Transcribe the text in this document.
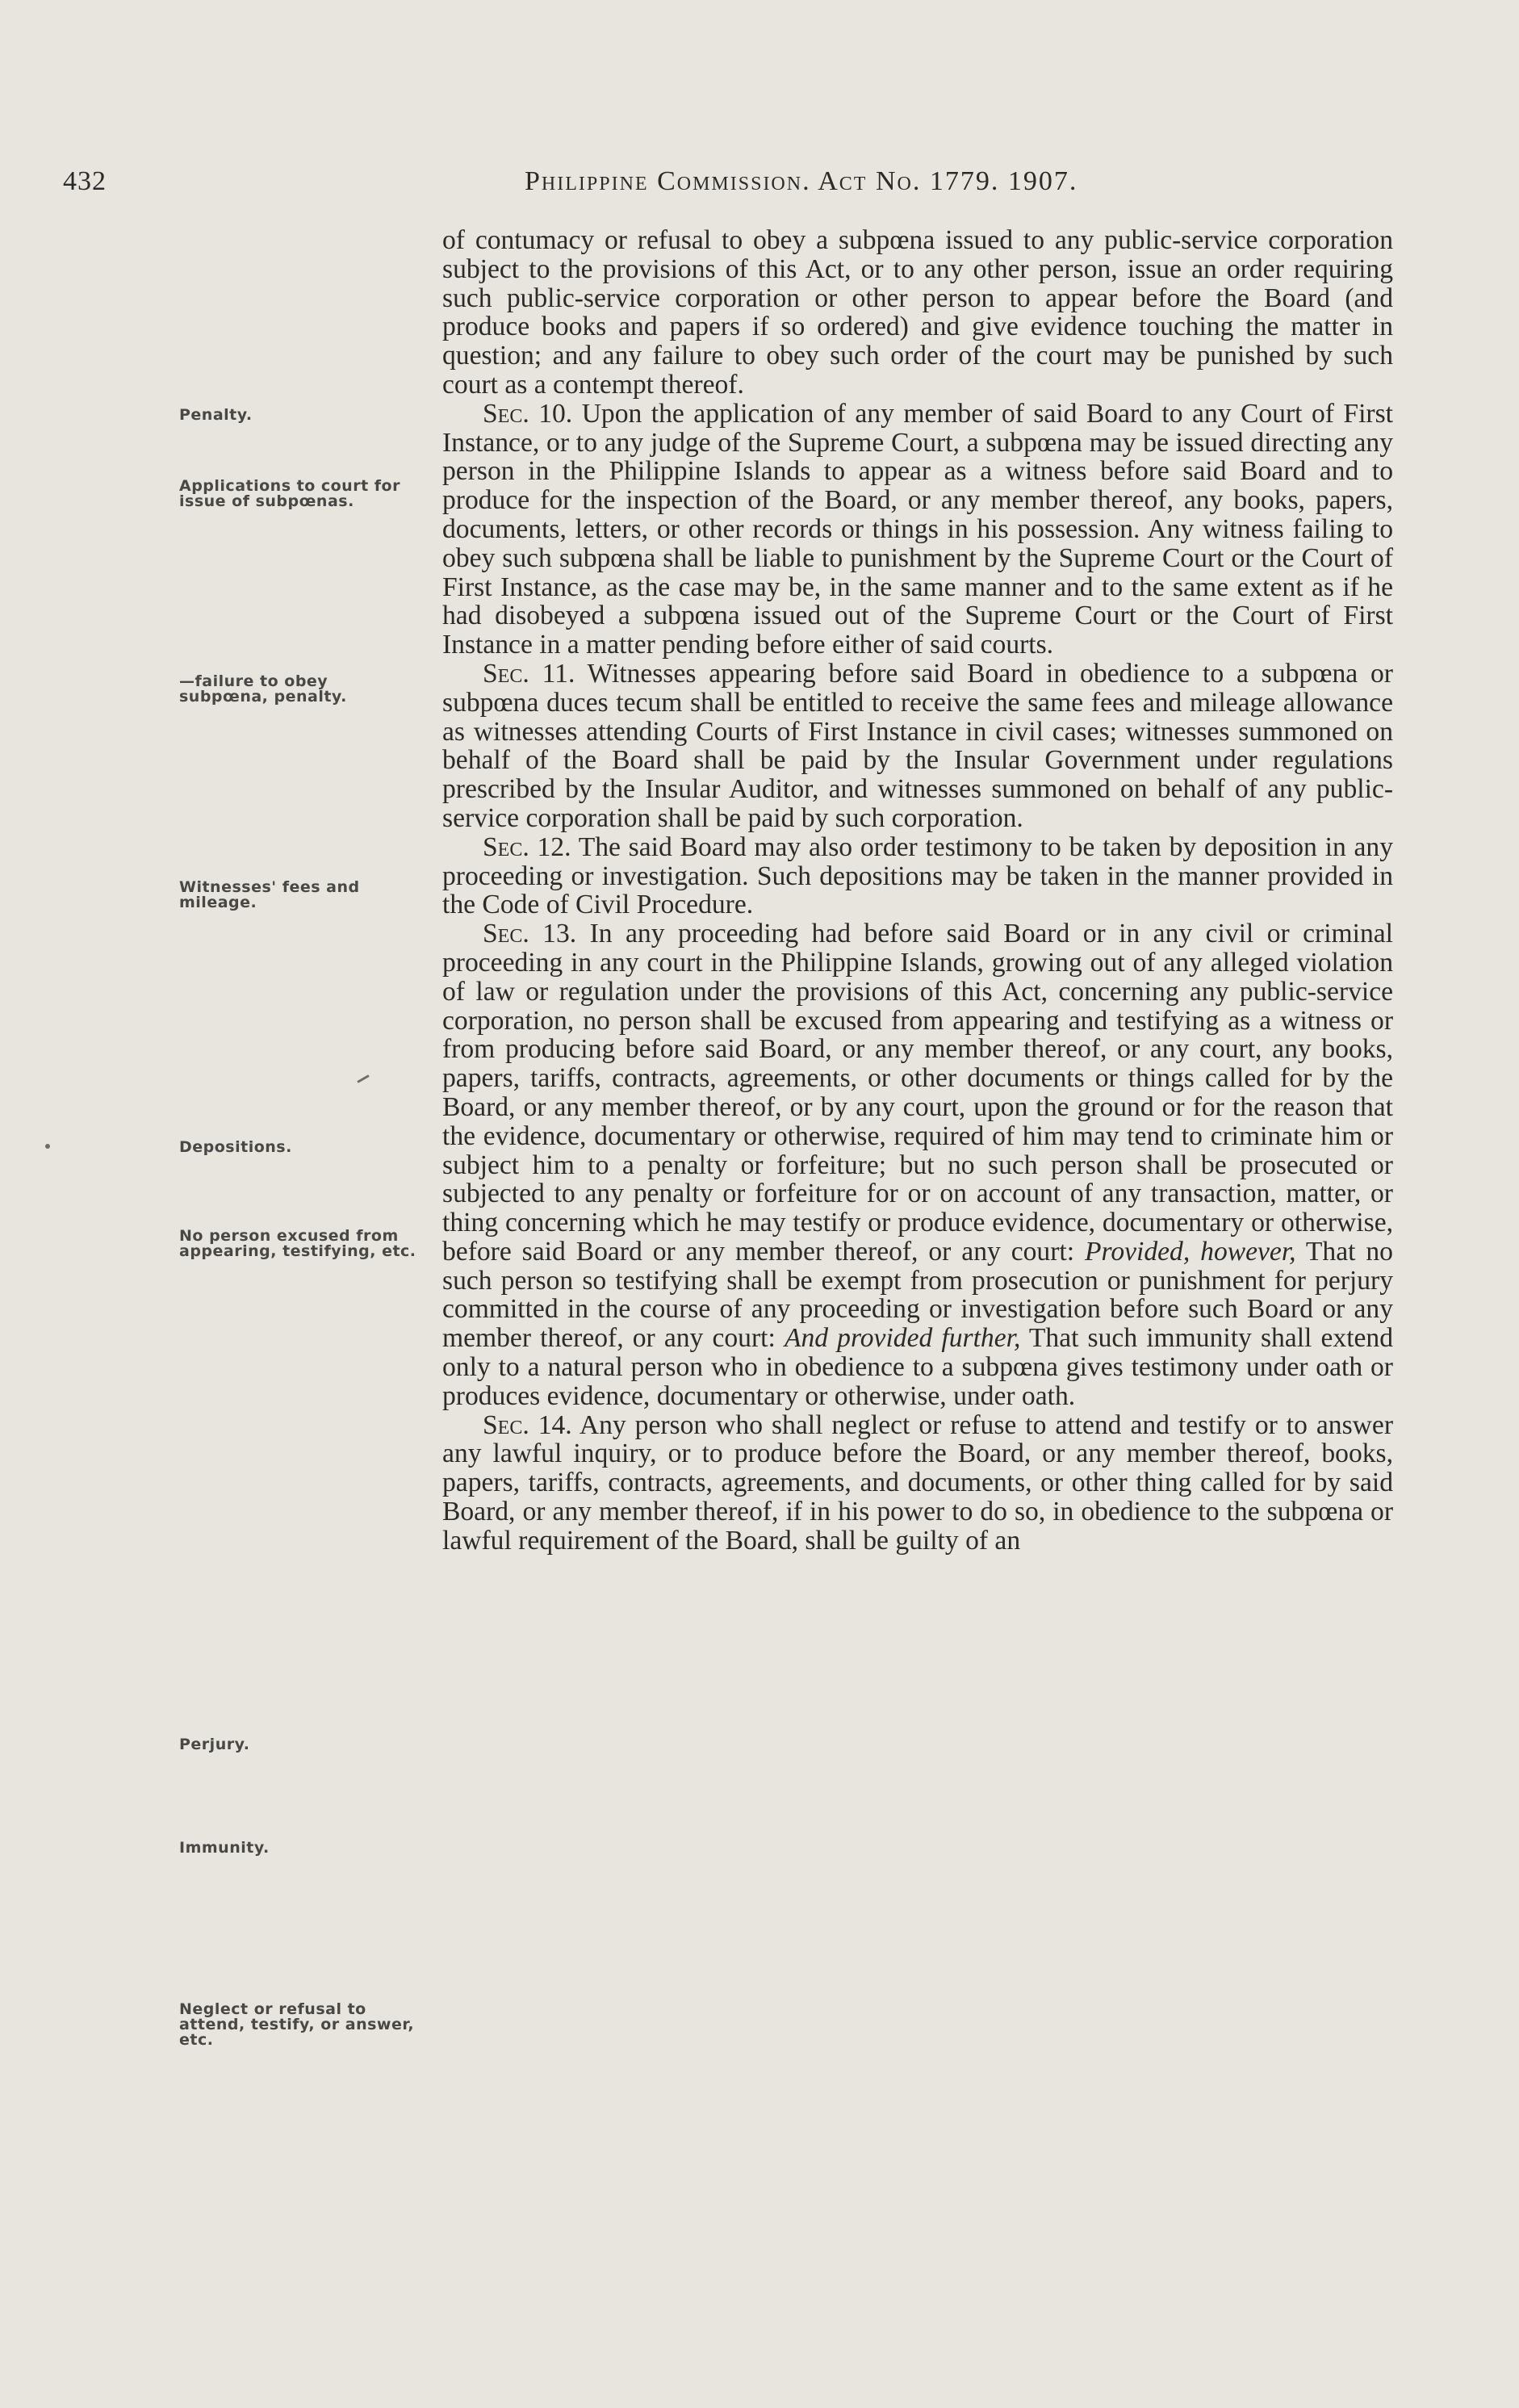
432	Philippine Commission. Act No. 1779. 1907.
Penalty.
Applications to court for issue of subpœnas.
—failure to obey subpœna, penalty.
Witnesses' fees and mileage.
Depositions.
No person excused from appearing, testifying, etc.
Perjury.
Immunity.
Neglect or refusal to attend, testify, or answer, etc.

of contumacy or refusal to obey a subpœna issued to any public-service corporation subject to the provisions of this Act, or to any other person, issue an order requiring such public-service corporation or other person to appear before the Board (and produce books and papers if so ordered) and give evidence touching the matter in question; and any failure to obey such order of the court may be punished by such court as a contempt thereof.

Sec. 10. Upon the application of any member of said Board to any Court of First Instance, or to any judge of the Supreme Court, a subpœna may be issued directing any person in the Philippine Islands to appear as a witness before said Board and to produce for the inspection of the Board, or any member thereof, any books, papers, documents, letters, or other records or things in his possession. Any witness failing to obey such subpœna shall be liable to punishment by the Supreme Court or the Court of First Instance, as the case may be, in the same manner and to the same extent as if he had disobeyed a subpœna issued out of the Supreme Court or the Court of First Instance in a matter pending before either of said courts.

Sec. 11. Witnesses appearing before said Board in obedience to a subpœna or subpœna duces tecum shall be entitled to receive the same fees and mileage allowance as witnesses attending Courts of First Instance in civil cases; witnesses summoned on behalf of the Board shall be paid by the Insular Government under regulations prescribed by the Insular Auditor, and witnesses summoned on behalf of any public-service corporation shall be paid by such corporation.

Sec. 12. The said Board may also order testimony to be taken by deposition in any proceeding or investigation. Such depositions may be taken in the manner provided in the Code of Civil Procedure.

Sec. 13. In any proceeding had before said Board or in any civil or criminal proceeding in any court in the Philippine Islands, growing out of any alleged violation of law or regulation under the provisions of this Act, concerning any public-service corporation, no person shall be excused from appearing and testifying as a witness or from producing before said Board, or any member thereof, or any court, any books, papers, tariffs, contracts, agreements, or other documents or things called for by the Board, or any member thereof, or by any court, upon the ground or for the reason that the evidence, documentary or otherwise, required of him may tend to criminate him or subject him to a penalty or forfeiture; but no such person shall be prosecuted or subjected to any penalty or forfeiture for or on account of any transaction, matter, or thing concerning which he may testify or produce evidence, documentary or otherwise, before said Board or any member thereof, or any court: Provided, however, That no such person so testifying shall be exempt from prosecution or punishment for perjury committed in the course of any proceeding or investigation before such Board or any member thereof, or any court: And provided further, That such immunity shall extend only to a natural person who in obedience to a subpœna gives testimony under oath or produces evidence, documentary or otherwise, under oath.

Sec. 14. Any person who shall neglect or refuse to attend and testify or to answer any lawful inquiry, or to produce before the Board, or any member thereof, books, papers, tariffs, contracts, agreements, and documents, or other thing called for by said Board, or any member thereof, if in his power to do so, in obedience to the subpœna or lawful requirement of the Board, shall be guilty of an
